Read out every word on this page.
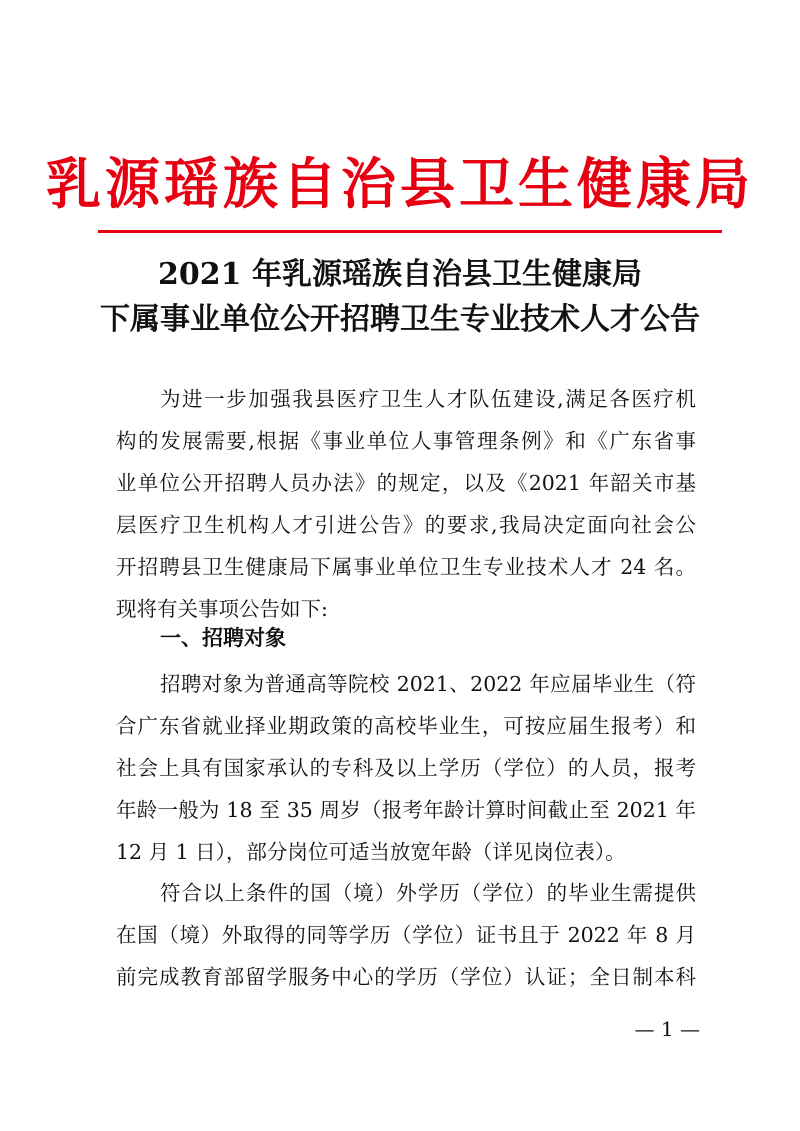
乳源瑶族自治县卫生健康局
2021 年乳源瑶族自治县卫生健康局
下属事业单位公开招聘卫生专业技术人才公告
为进一步加强我县医疗卫生人才队伍建设,满足各医疗机
构的发展需要,根据《事业单位人事管理条例》和《广东省事
业单位公开招聘人员办法》的规定，以及《2021 年韶关市基
层医疗卫生机构人才引进公告》的要求,我局决定面向社会公
开招聘县卫生健康局下属事业单位卫生专业技术人才 24 名。
现将有关事项公告如下:
一、招聘对象
招聘对象为普通高等院校 2021、2022 年应届毕业生（符
合广东省就业择业期政策的高校毕业生，可按应届生报考）和
社会上具有国家承认的专科及以上学历（学位）的人员，报考
年龄一般为 18 至 35 周岁（报考年龄计算时间截止至 2021 年
12 月 1 日），部分岗位可适当放宽年龄（详见岗位表）。
符合以上条件的国（境）外学历（学位）的毕业生需提供
在国（境）外取得的同等学历（学位）证书且于 2022 年 8 月
前完成教育部留学服务中心的学历（学位）认证；全日制本科
— 1 —
